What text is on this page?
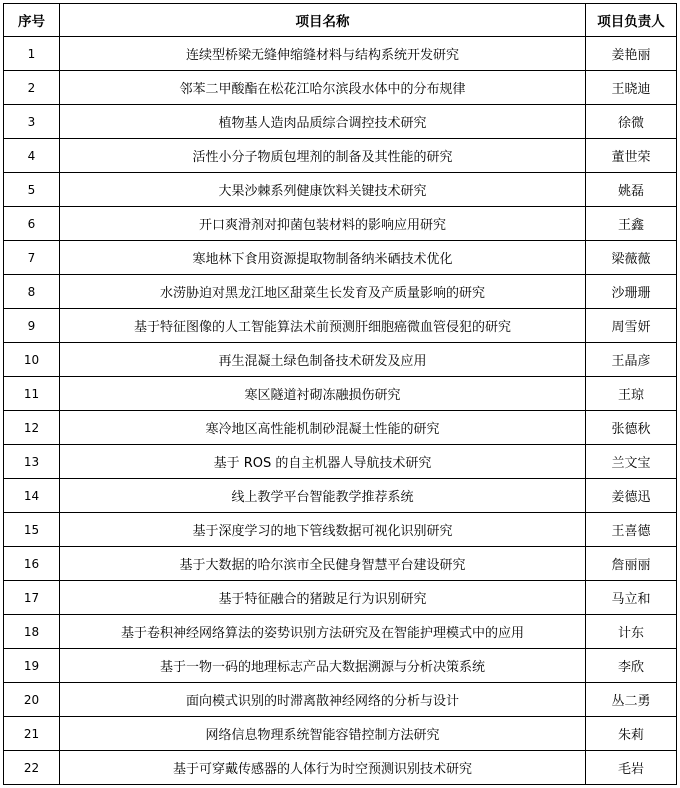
序号	项目名称	项目负责人
1	连续型桥梁无缝伸缩缝材料与结构系统开发研究	姜艳丽
2	邻苯二甲酸酯在松花江哈尔滨段水体中的分布规律	王晓迪
3	植物基人造肉品质综合调控技术研究	徐微
4	活性小分子物质包埋剂的制备及其性能的研究	董世荣
5	大果沙棘系列健康饮料关键技术研究	姚磊
6	开口爽滑剂对抑菌包装材料的影响应用研究	王鑫
7	寒地林下食用资源提取物制备纳米硒技术优化	梁薇薇
8	水涝胁迫对黑龙江地区甜菜生长发育及产质量影响的研究	沙珊珊
9	基于特征图像的人工智能算法术前预测肝细胞癌微血管侵犯的研究	周雪妍
10	再生混凝土绿色制备技术研发及应用	王晶彦
11	寒区隧道衬砌冻融损伤研究	王琼
12	寒冷地区高性能机制砂混凝土性能的研究	张德秋
13	基于 ROS 的自主机器人导航技术研究	兰文宝
14	线上教学平台智能教学推荐系统	姜德迅
15	基于深度学习的地下管线数据可视化识别研究	王喜德
16	基于大数据的哈尔滨市全民健身智慧平台建设研究	詹丽丽
17	基于特征融合的猪跛足行为识别研究	马立和
18	基于卷积神经网络算法的姿势识别方法研究及在智能护理模式中的应用	计东
19	基于一物一码的地理标志产品大数据溯源与分析决策系统	李欣
20	面向模式识别的时滞离散神经网络的分析与设计	丛二勇
21	网络信息物理系统智能容错控制方法研究	朱莉
22	基于可穿戴传感器的人体行为时空预测识别技术研究	毛岩
